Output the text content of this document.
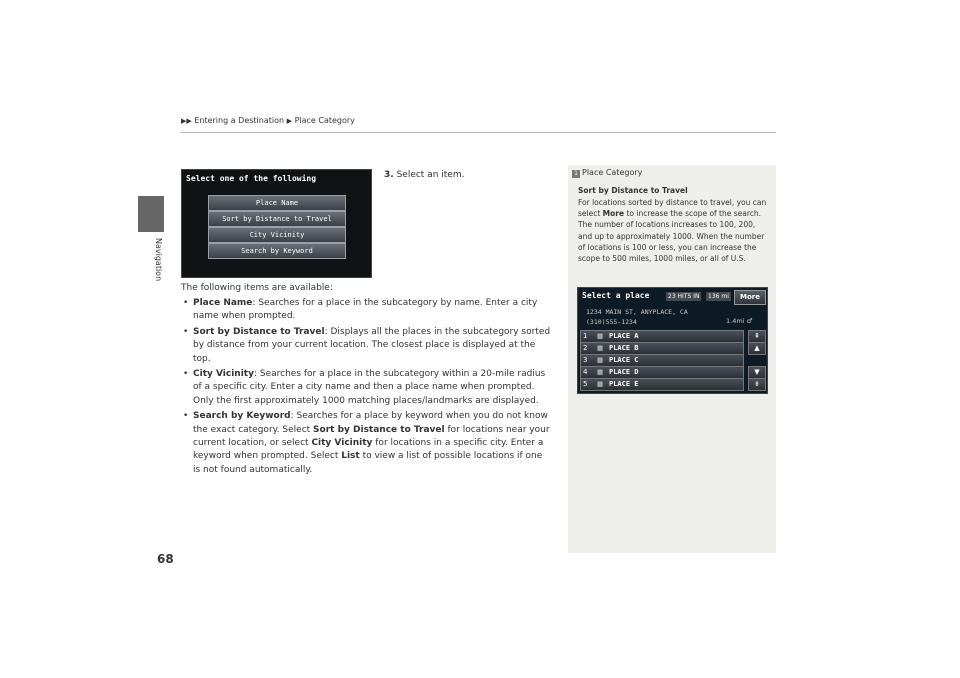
Navigation
68
▶▶ Entering a Destination ▶ Place Category
Select one of the following
Place Name
Sort by Distance to Travel
City Vicinity
Search by Keyword
3. Select an item.
The following items are available:
• Place Name: Searches for a place in the subcategory by name. Enter a city name when prompted.
• Sort by Distance to Travel: Displays all the places in the subcategory sorted by distance from your current location. The closest place is displayed at the top.
• City Vicinity: Searches for a place in the subcategory within a 20-mile radius of a specific city. Enter a city name and then a place name when prompted. Only the first approximately 1000 matching places/landmarks are displayed.
• Search by Keyword: Searches for a place by keyword when you do not know the exact category. Select Sort by Distance to Travel for locations near your current location, or select City Vicinity for locations in a specific city. Enter a keyword when prompted. Select List to view a list of possible locations if one is not found automatically.
1 Place Category
Sort by Distance to Travel
For locations sorted by distance to travel, you can select More to increase the scope of the search. The number of locations increases to 100, 200, and up to approximately 1000. When the number of locations is 100 or less, you can increase the scope to 500 miles, 1000 miles, or all of U.S.
Select a place	23 HITS IN	136 mi	More
1234 MAIN ST, ANYPLACE, CA
(310)555-1234	1.4mi ♂
1 ▦ PLACE A
2 ▦ PLACE B
3 ▦ PLACE C
4 ▦ PLACE D
5 ▦ PLACE E
⇞
▲
▼
⇟
